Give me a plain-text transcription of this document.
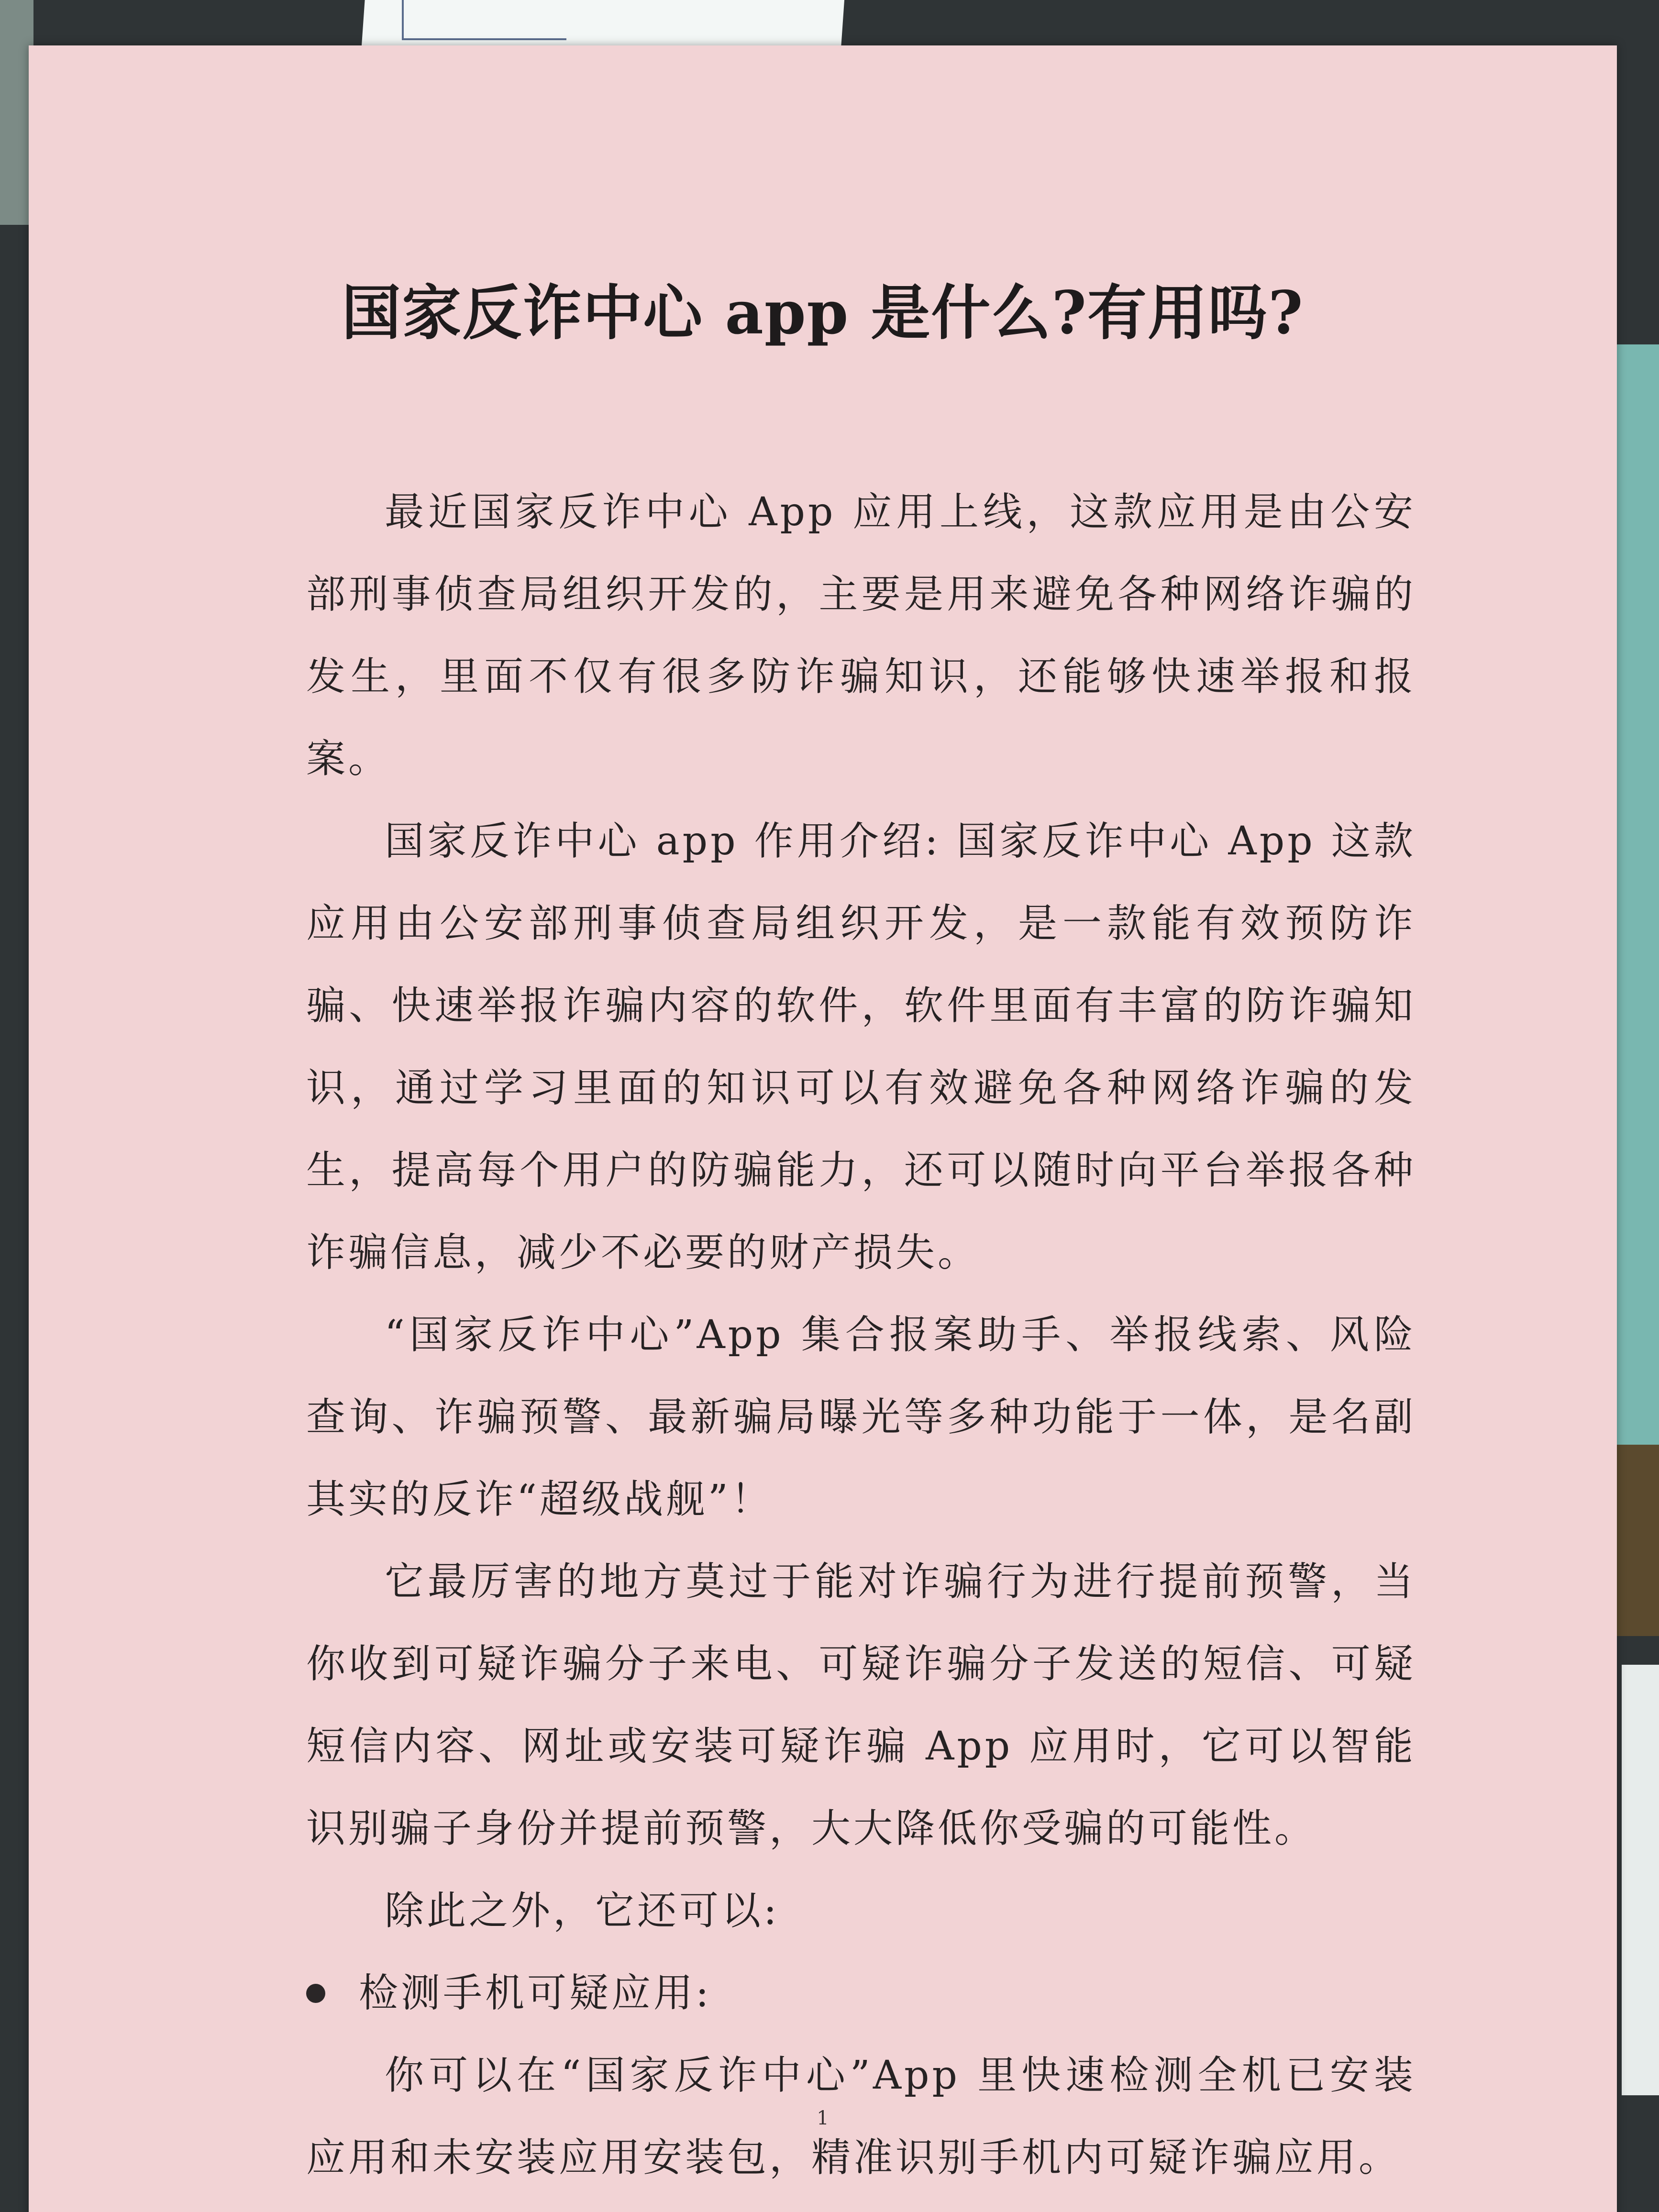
国家反诈中心 app 是什么?有用吗?

最近国家反诈中心 App 应用上线，这款应用是由公安部刑事侦查局组织开发的，主要是用来避免各种网络诈骗的发生，里面不仅有很多防诈骗知识，还能够快速举报和报案。

国家反诈中心 app 作用介绍: 国家反诈中心 App 这款应用由公安部刑事侦查局组织开发，是一款能有效预防诈骗、快速举报诈骗内容的软件，软件里面有丰富的防诈骗知识，通过学习里面的知识可以有效避免各种网络诈骗的发生，提高每个用户的防骗能力，还可以随时向平台举报各种诈骗信息，减少不必要的财产损失。

“国家反诈中心”App 集合报案助手、举报线索、风险查询、诈骗预警、最新骗局曝光等多种功能于一体，是名副其实的反诈“超级战舰”！

它最厉害的地方莫过于能对诈骗行为进行提前预警，当你收到可疑诈骗分子来电、可疑诈骗分子发送的短信、可疑短信内容、网址或安装可疑诈骗 App 应用时，它可以智能识别骗子身份并提前预警，大大降低你受骗的可能性。

除此之外，它还可以:

检测手机可疑应用:

你可以在“国家反诈中心”App 里快速检测全机已安装应用和未安装应用安装包，精准识别手机内可疑诈骗应用。

1
